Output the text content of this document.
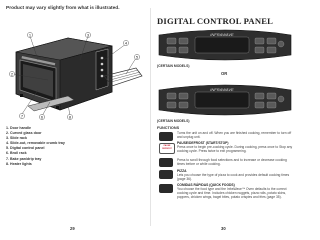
Product may vary slightly from what is illustrated.
1
2
3
4
5
6
7	8
1. Door handle
2. Curved glass door
3. Slide rack
4. Slide-out, removable crumb tray
5. Digital control panel
6. Broil rack
7. Bake pan/drip tray
8. Heater lights
29
DIGITAL CONTROL PANEL
INFRAWAVE
(CERTAIN MODELS)
OR
INFRAWAVE
(CERTAIN MODELS)
FUNCTIONS
Turns the unit on and off. When you are finished cooking, remember to turn off and unplug unit.
PAUSE DEFROST
PAUSE/DEFROST (START/STOP)
Press once to begin pre-cooking cycle. During cooking, press once to Stop any cooking cycle. Press twice to exit programming.
Press to scroll through food selections and to increase or decrease cooking times before or while cooking.
PIZZA
Lets you choose the type of pizza to cook and provides default cooking times (page 36).
COMIDAS RÁPIDAS (QUICK FOODS)
You choose the food type and the InfraWave™ Oven defaults to the correct cooking cycle and time. Includes chicken nuggets, pizza rolls, potato skins, poppers, chicken wings, bagel bites, potato crispies and fries (page 35).
30
